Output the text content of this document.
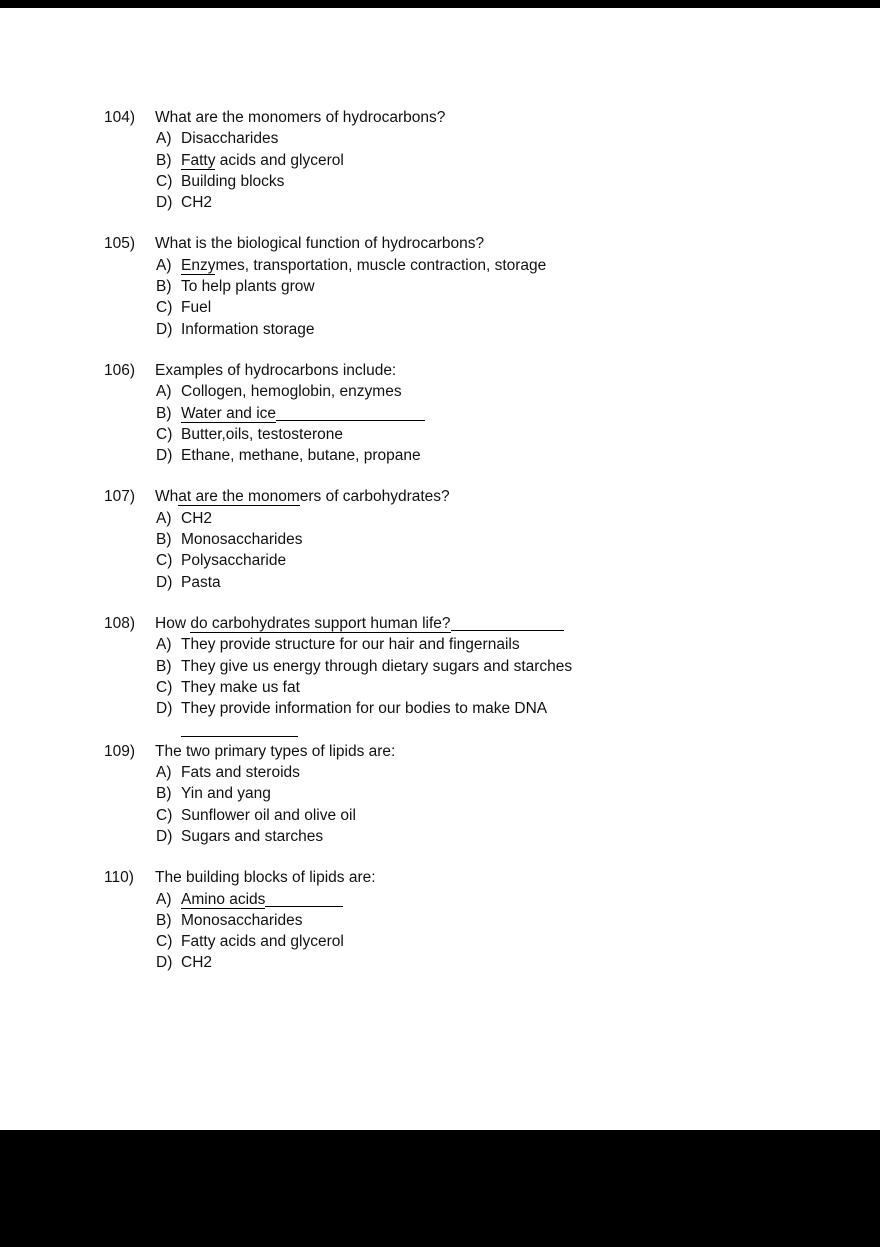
104)	What are the monomers of hydrocarbons?
A) Disaccharides
B) Fatty acids and glycerol
C) Building blocks
D) CH2
105)	What is the biological function of hydrocarbons?
A) Enzymes, transportation, muscle contraction, storage
B) To help plants grow
C) Fuel
D) Information storage
106)	Examples of hydrocarbons include:
A) Collogen, hemoglobin, enzymes
B) Water and ice
C) Butter,oils, testosterone
D) Ethane, methane, butane, propane
107)	What are the monomers of carbohydrates?
A) CH2
B) Monosaccharides
C) Polysaccharide
D) Pasta
108)	How do carbohydrates support human life?
A) They provide structure for our hair and fingernails
B) They give us energy through dietary sugars and starches
C) They make us fat
D) They provide information for our bodies to make DNA
109)	The two primary types of lipids are:
A) Fats and steroids
B) Yin and yang
C) Sunflower oil and olive oil
D) Sugars and starches
110)	The building blocks of lipids are:
A) Amino acids
B) Monosaccharides
C) Fatty acids and glycerol
D) CH2
